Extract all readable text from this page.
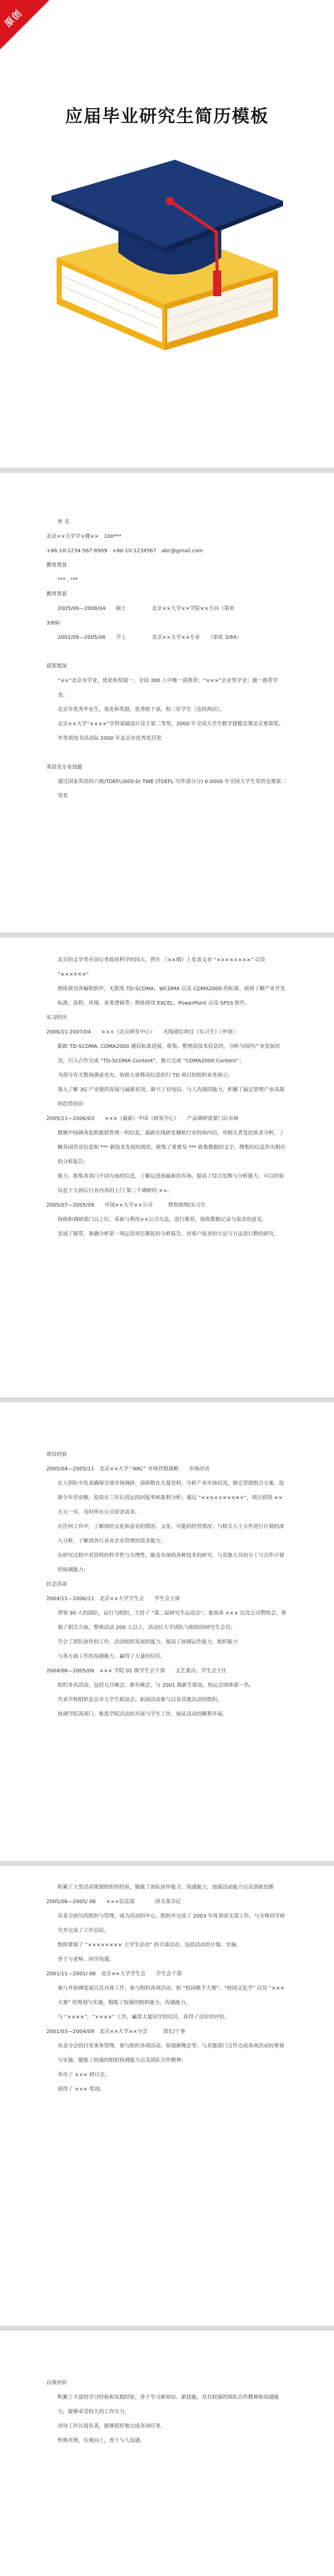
原创
应届毕业研究生简历模板

姓 名

北京××大学学×楼××　100***

+86-10-1234-567-8909　+86-10-1234567　abc@gmail.com

教育背景

*** , ***

教育背景

2005/09—2008/04　　硕士　　　　　北京××大学××学院××方向（第依

3/69)

2001/09—2005/06　　学士　　　　　北京××大学××专业　　（第依 3/69）

获奖情况

“××”北京市学业，优化和奖励一，全国 300 人中唯一获推荐；“×××”企业奖学金；独一推荐学金。

北京市优秀毕业生，优化和奖励，优秀组干部，校三好学生（连续两次）。

北京××大学“××××”学科基础设计竞主第二等奖，2000 年全国大学生数学建模竞赛北京赛第奖。

外等项技书活动际 2000 年北京市优秀党员奖

英语及专业技能

通过国家英语四六级/TOEFL(600.0) TWE (TOEFL 写作部分分) 6.0000 年全国大学生英语竞赛第二等奖

北京的文学类在国公务政府科学的国大，曾在 《××期》上发表文章 “××××××××” 以及 “××××××”

熟练使用各编程软件，无限度 TD-SCDMA，WCDMA 以及 CDMA2000 的标准。前须了解产业开发标准，流程、环境、业务逻辑等；熟练使用 EXCEL，PowerPoint 以及 SPSS 软件。

实习经历

2006/11-2007/04　　×××（北京研发中心）　　无线通信项目（实习生）（外资）

跟踪 TD-SCDMA, CDMA2000 通信标准进展，收集、整理高技术信息的，分析与国内产业发展状况，引入合作完成 “TD-SCDMA Content”，独立完成 “CDMA2000 Content”；

为部分有关数场满意充实，协助大雷移动信息的行 TD 项目的组织业务展示；

深入了解 3G 产业链的发展与最新状况，新兴了对电信、与人沟通的能力，积累了最定管理产业高端的趋势知识

2005/11—2006/03　　×××（最新）中国（研发中心）　　产品调研需要门店市场

数据中间调各起机能销售统一的信息，最新在线研发辅机行业的场内信，对相关者发的需求分析，了解各国营业信息和 *** 新技术发展的现状，收集了重要及 *** 收集数据的文字，搜集的信息作出相应的分析报告；

能力、收集各部门不同方面的信息，了解运营商最新的市场，提高了综合思维与分析能力，可以经验信息于大到后行业内各的上门 第三个调研的 ××。

2005/07—2005/09　　中国××大学××公司　　　销售助理/实习生

协助和调研部门以上位，采取与利用××公司方法，进行推荐，接收数据记录与需求的意见，

发展了能带，准确分析第一项运营项目推拓的分析报告，对客户需求的方法与方法进行数的研究，

项目经验

2005/04—2005/11　北京××大学 “ARC” 市场营销战略　　市场治话

在人团队中负责确保全部市场调研、需研数在大量资料，分析产业市场状况，制定营销组合方案，投研全年营业额，投资在三年后营运的回报率和盈利分析；通过 “××××××××××”，项目获得 ×× 万元一年，及时所在公司资金需求。

在任何工作中，了解到的文化和意见的情况、文化、可能的经营情况；与相关人士合作进行计划的深入分析，了解到各行业对企业管理的需求能力；

在研究过程中对资料的科学性与合理性，能及市场的各种技术的研究，与其他人员的分工与合作计划的协调能力；

社会活动

2004/11—2006/11　北京××大学学生会　　学生会主席

带领 90 人的团队，运行与组织，主持了 “第二届研究生运动会”，参加各 ××× 以及公司赞助会，筹划了相关方面，整体活动 200 人以上，活动后大学团队与组织的研究生会员；

学会了团队协作的工作，活动组织发展的能力，提高了协调运作能力，组织能力

与各方面工作的沟通能力，赢得了大量的信任。

2004/06—2005/06　××× 学院 01 级学生会干部　　文艺委员、学生会主任

组织多名活动，包括元旦晚会、新年晚会，与 2001 级新生联谊，校运会团体第一名，

代表学校组织北京市大学生联谊会、拓展活动参与以及其他活动的组织，

协调学院各部门，推进学院活动的开展与学生工作，保证活动的顺利开展。

积累了大型活动策划组织的经验，锻炼了团队协作能力，沟通能力，加强活动能力以及创新思维

2005/06—2005/ 06　　×××信息部　　　　团支部书记

负责全团员的组织与管理，成为活动的中心，组织并完成了 2003 年度各团支部工作，与全体同学研究并完成了工作总结，

组织策划了 “×××××××× 大学生活动” 的全部活动，包括活动的计划、实施、

善于与老师、同学沟通，

2001/11—2001/ 06　北京××大学学生会　　学生会干部

参与并协调发展以及具体工作，参与组织各项活动，如 “校园歌手大赛”、“校园文化节” 以及 “××× 大赛” 的筹划与实施，锻炼了较强的组织能力、沟通能力。

与 “××××”，“××××” 工作，赢得大量同学的信任，获得了良好的评价。

2001/03—2004/09　北京××大学××分会　　　部长/干事

负责分会的日常事务管理，参与组织各项活动，如迎新晚会等；与其他部门合作完成各项活动的筹划与实施，锻炼了较强的组织协调能力以及团队合作精神；

举办了 ××× 研讨会，

获得了 ××× 奖项。

自我评价

积累了丰富的学习经验和实践经验，善于学习新知识、新技能，具有较强的团队合作精神和沟通能力，能够承受较大的工作压力。

对待工作认真负责，能够很好地完成各项任务。

性格开朗，乐观向上，善于与人沟通。
